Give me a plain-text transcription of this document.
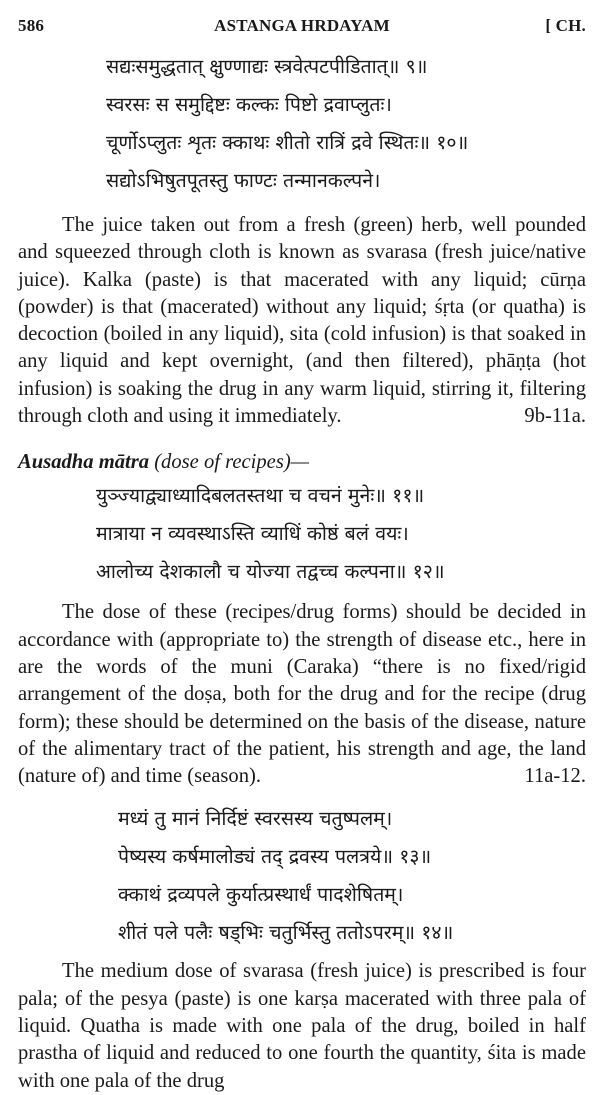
586	ASTANGA HRDAYAM	[ CH.
सद्यःसमुद्धतात् क्षुण्णाद्यः स्त्रवेत्पटपीडितात्॥ ९॥
स्वरसः स समुद्दिष्टः कल्कः पिष्टो द्रवाप्लुतः।
चूर्णोऽप्लुतः शृतः क्काथः शीतो रात्रिं द्रवे स्थितः॥ १०॥
सद्योऽभिषुतपूतस्तु फाण्टः तन्मानकल्पने।

The juice taken out from a fresh (green) herb, well pounded and squeezed through cloth is known as svarasa (fresh juice/native juice). Kalka (paste) is that macerated with any liquid; cūrṇa (powder) is that (macerated) without any liquid; śṛta (or quatha) is decoction (boiled in any liquid), sita (cold infusion) is that soaked in any liquid and kept overnight, (and then filtered), phāṇṭa (hot infusion) is soaking the drug in any warm liquid, stirring it, filtering through cloth and using it immediately.	9b-11a.

Ausadha mātra (dose of recipes)—
युञ्ज्याद्व्याध्यादिबलतस्तथा च वचनं मुनेः॥ ११॥
मात्राया न व्यवस्थाऽस्ति व्याधिं कोष्ठं बलं वयः।
आलोच्य देशकालौ च योज्या तद्वच्च कल्पना॥ १२॥

The dose of these (recipes/drug forms) should be decided in accordance with (appropriate to) the strength of disease etc., here in are the words of the muni (Caraka) “there is no fixed/rigid arrangement of the doṣa, both for the drug and for the recipe (drug form); these should be determined on the basis of the disease, nature of the alimentary tract of the patient, his strength and age, the land (nature of) and time (season).	11a-12.

मध्यं तु मानं निर्दिष्टं स्वरसस्य चतुष्पलम्।
पेष्यस्य कर्षमालोड्यं तद् द्रवस्य पलत्रये॥ १३॥
क्काथं द्रव्यपले कुर्यात्प्रस्थार्धं पादशेषितम्।
शीतं पले पलैः षड्भिः चतुर्भिस्तु ततोऽपरम्॥ १४॥

The medium dose of svarasa (fresh juice) is prescribed is four pala; of the pesya (paste) is one karṣa macerated with three pala of liquid. Quatha is made with one pala of the drug, boiled in half prastha of liquid and reduced to one fourth the quantity, śita is made with one pala of the drug
